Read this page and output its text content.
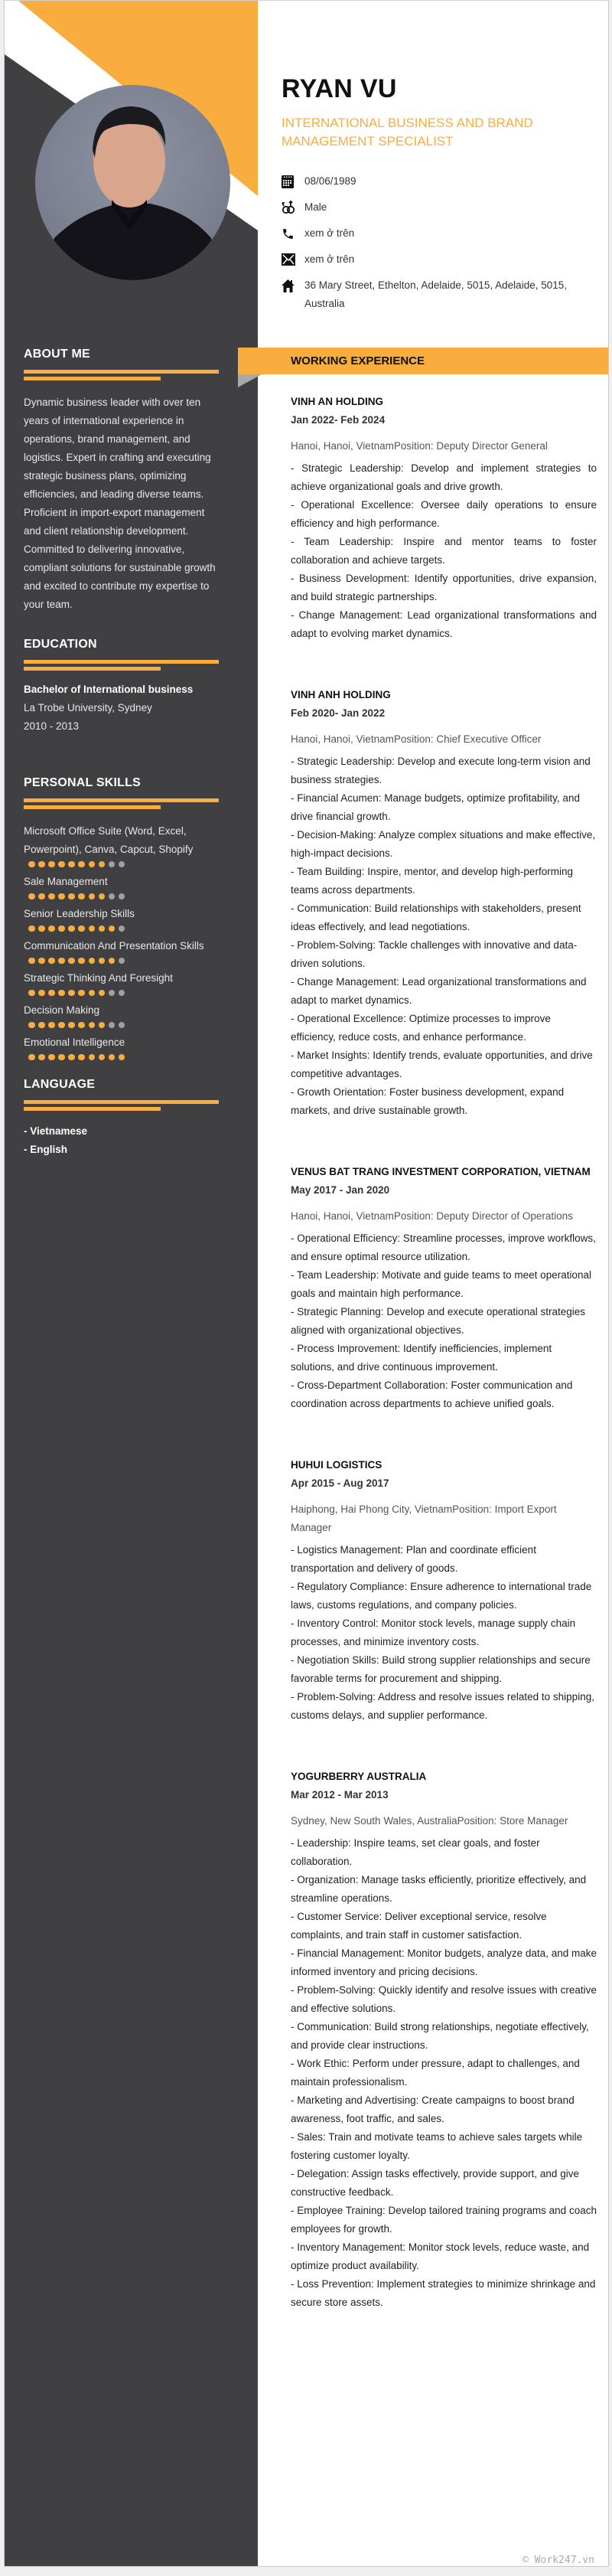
ABOUT ME
Dynamic business leader with over ten years of international experience in operations, brand management, and logistics. Expert in crafting and executing strategic business plans, optimizing efficiencies, and leading diverse teams. Proficient in import-export management and client relationship development. Committed to delivering innovative, compliant solutions for sustainable growth and excited to contribute my expertise to your team.
EDUCATION
Bachelor of International business
La Trobe University, Sydney
2010 - 2013
PERSONAL SKILLS
Microsoft Office Suite (Word, Excel, Powerpoint), Canva, Capcut, Shopify
Sale Management
Senior Leadership Skills
Communication And Presentation Skills
Strategic Thinking And Foresight
Decision Making
Emotional Intelligence
LANGUAGE
- Vietnamese
- English
RYAN VU
INTERNATIONAL BUSINESS AND BRAND MANAGEMENT SPECIALIST
08/06/1989
Male
xem ở trên
xem ở trên
36 Mary Street, Ethelton, Adelaide, 5015, Adelaide, 5015, Australia
WORKING EXPERIENCE
VINH AN HOLDING
Jan 2022- Feb 2024
Hanoi, Hanoi, VietnamPosition: Deputy Director General
- Strategic Leadership: Develop and implement strategies to achieve organizational goals and drive growth.
- Operational Excellence: Oversee daily operations to ensure efficiency and high performance.
- Team Leadership: Inspire and mentor teams to foster collaboration and achieve targets.
- Business Development: Identify opportunities, drive expansion, and build strategic partnerships.
- Change Management: Lead organizational transformations and adapt to evolving market dynamics.
VINH ANH HOLDING
Feb 2020- Jan 2022
Hanoi, Hanoi, VietnamPosition: Chief Executive Officer
- Strategic Leadership: Develop and execute long-term vision and business strategies.
- Financial Acumen: Manage budgets, optimize profitability, and drive financial growth.
- Decision-Making: Analyze complex situations and make effective, high-impact decisions.
- Team Building: Inspire, mentor, and develop high-performing teams across departments.
- Communication: Build relationships with stakeholders, present ideas effectively, and lead negotiations.
- Problem-Solving: Tackle challenges with innovative and data-driven solutions.
- Change Management: Lead organizational transformations and adapt to market dynamics.
- Operational Excellence: Optimize processes to improve efficiency, reduce costs, and enhance performance.
- Market Insights: Identify trends, evaluate opportunities, and drive competitive advantages.
- Growth Orientation: Foster business development, expand markets, and drive sustainable growth.
VENUS BAT TRANG INVESTMENT CORPORATION, VIETNAM
May 2017 - Jan 2020
Hanoi, Hanoi, VietnamPosition: Deputy Director of Operations
- Operational Efficiency: Streamline processes, improve workflows, and ensure optimal resource utilization.
- Team Leadership: Motivate and guide teams to meet operational goals and maintain high performance.
- Strategic Planning: Develop and execute operational strategies aligned with organizational objectives.
- Process Improvement: Identify inefficiencies, implement solutions, and drive continuous improvement.
- Cross-Department Collaboration: Foster communication and coordination across departments to achieve unified goals.
HUHUI LOGISTICS
Apr 2015 - Aug 2017
Haiphong, Hai Phong City, VietnamPosition: Import Export Manager
- Logistics Management: Plan and coordinate efficient transportation and delivery of goods.
- Regulatory Compliance: Ensure adherence to international trade laws, customs regulations, and company policies.
- Inventory Control: Monitor stock levels, manage supply chain processes, and minimize inventory costs.
- Negotiation Skills: Build strong supplier relationships and secure favorable terms for procurement and shipping.
- Problem-Solving: Address and resolve issues related to shipping, customs delays, and supplier performance.
YOGURBERRY AUSTRALIA
Mar 2012 - Mar 2013
Sydney, New South Wales, AustraliaPosition: Store Manager
- Leadership: Inspire teams, set clear goals, and foster collaboration.
- Organization: Manage tasks efficiently, prioritize effectively, and streamline operations.
- Customer Service: Deliver exceptional service, resolve complaints, and train staff in customer satisfaction.
- Financial Management: Monitor budgets, analyze data, and make informed inventory and pricing decisions.
- Problem-Solving: Quickly identify and resolve issues with creative and effective solutions.
- Communication: Build strong relationships, negotiate effectively, and provide clear instructions.
- Work Ethic: Perform under pressure, adapt to challenges, and maintain professionalism.
- Marketing and Advertising: Create campaigns to boost brand awareness, foot traffic, and sales.
- Sales: Train and motivate teams to achieve sales targets while fostering customer loyalty.
- Delegation: Assign tasks effectively, provide support, and give constructive feedback.
- Employee Training: Develop tailored training programs and coach employees for growth.
- Inventory Management: Monitor stock levels, reduce waste, and optimize product availability.
- Loss Prevention: Implement strategies to minimize shrinkage and secure store assets.
© Work247.vn
